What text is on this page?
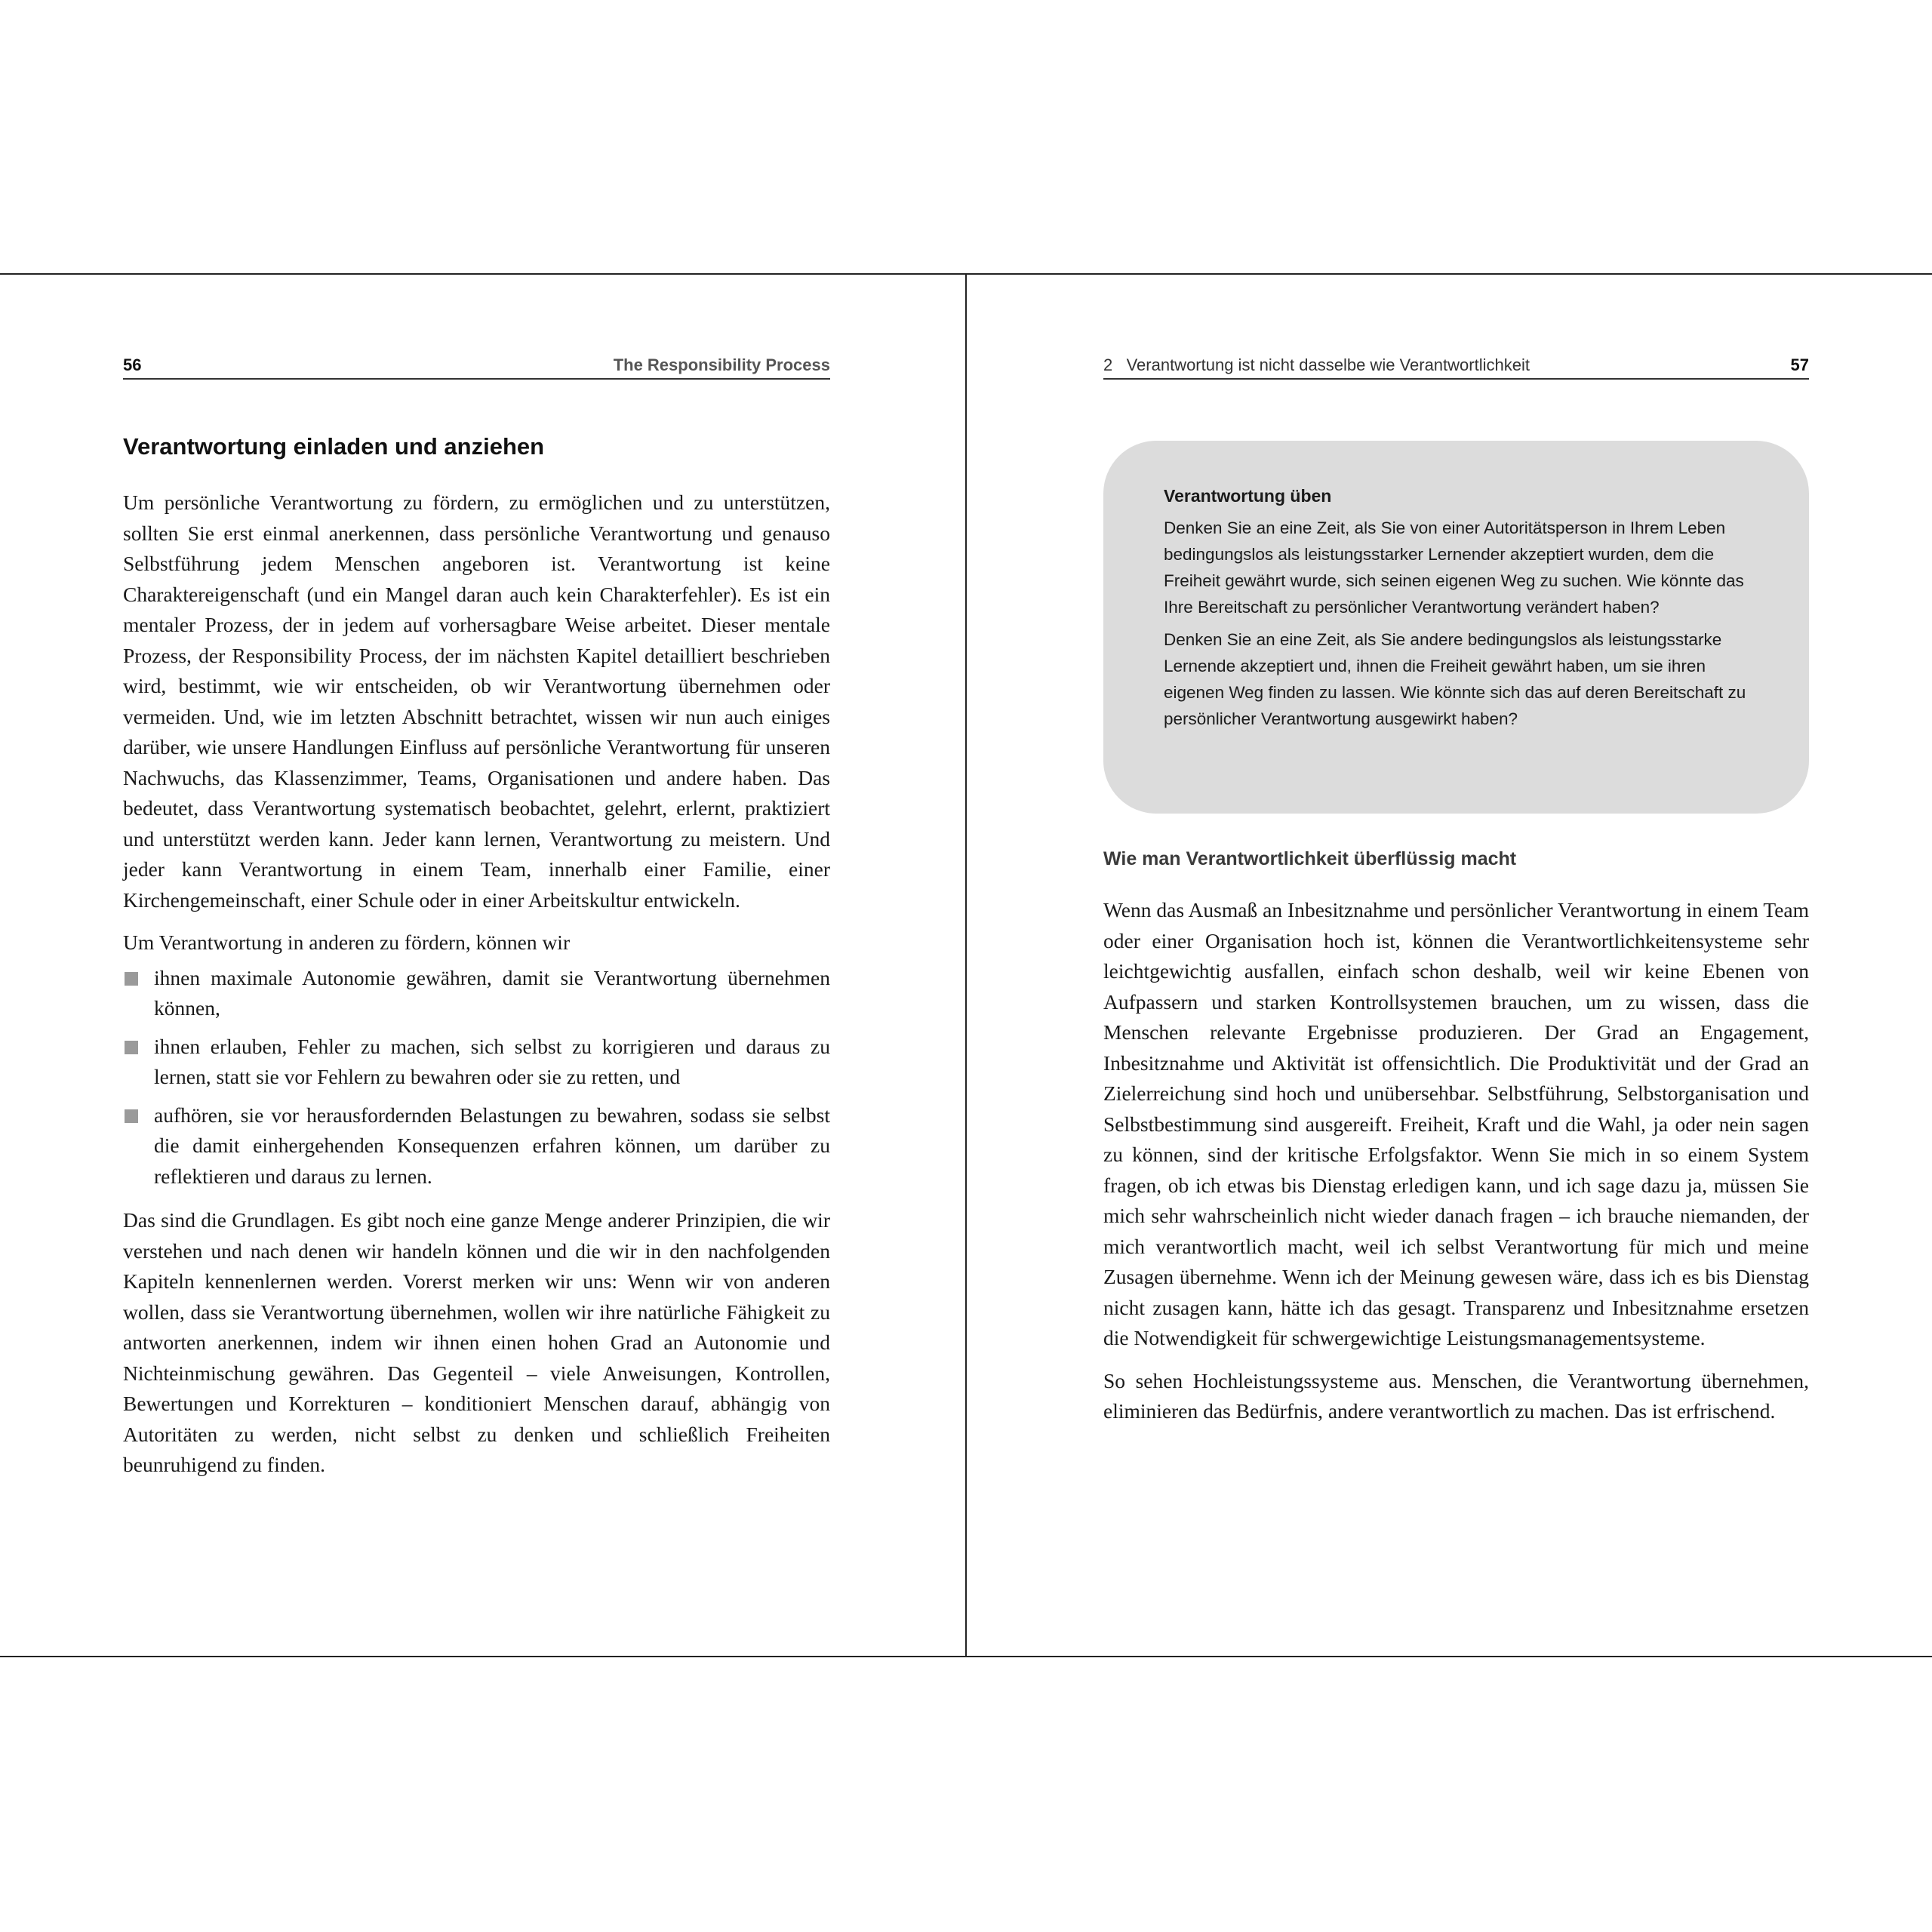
56	The Responsibility Process
Verantwortung einladen und anziehen

Um persönliche Verantwortung zu fördern, zu ermöglichen und zu unterstützen, sollten Sie erst einmal anerkennen, dass persönliche Verantwortung und genauso Selbstführung jedem Menschen angeboren ist. Verantwortung ist keine Charaktereigenschaft (und ein Mangel daran auch kein Charakterfehler). Es ist ein mentaler Prozess, der in jedem auf vorhersagbare Weise arbeitet. Dieser mentale Prozess, der Responsibility Process, der im nächsten Kapitel detailliert beschrieben wird, bestimmt, wie wir entscheiden, ob wir Verantwortung übernehmen oder vermeiden. Und, wie im letzten Abschnitt betrachtet, wissen wir nun auch einiges darüber, wie unsere Handlungen Einfluss auf persönliche Verantwortung für unseren Nachwuchs, das Klassenzimmer, Teams, Organisationen und andere haben. Das bedeutet, dass Verantwortung systematisch beobachtet, gelehrt, erlernt, praktiziert und unterstützt werden kann. Jeder kann lernen, Verantwortung zu meistern. Und jeder kann Verantwortung in einem Team, innerhalb einer Familie, einer Kirchengemeinschaft, einer Schule oder in einer Arbeitskultur entwickeln.

Um Verantwortung in anderen zu fördern, können wir

ihnen maximale Autonomie gewähren, damit sie Verantwortung übernehmen können,
ihnen erlauben, Fehler zu machen, sich selbst zu korrigieren und daraus zu lernen, statt sie vor Fehlern zu bewahren oder sie zu retten, und
aufhören, sie vor herausfordernden Belastungen zu bewahren, sodass sie selbst die damit einhergehenden Konsequenzen erfahren können, um darüber zu reflektieren und daraus zu lernen.

Das sind die Grundlagen. Es gibt noch eine ganze Menge anderer Prinzipien, die wir verstehen und nach denen wir handeln können und die wir in den nachfolgenden Kapiteln kennenlernen werden. Vorerst merken wir uns: Wenn wir von anderen wollen, dass sie Verantwortung übernehmen, wollen wir ihre natürliche Fähigkeit zu antworten anerkennen, indem wir ihnen einen hohen Grad an Autonomie und Nichteinmischung gewähren. Das Gegenteil – viele Anweisungen, Kontrollen, Bewertungen und Korrekturen – konditioniert Menschen darauf, abhängig von Autoritäten zu werden, nicht selbst zu denken und schließlich Freiheiten beunruhigend zu finden.

2   Verantwortung ist nicht dasselbe wie Verantwortlichkeit	57

Verantwortung üben

Denken Sie an eine Zeit, als Sie von einer Autoritätsperson in Ihrem Leben bedingungslos als leistungsstarker Lernender akzeptiert wurden, dem die Freiheit gewährt wurde, sich seinen eigenen Weg zu suchen. Wie könnte das Ihre Bereitschaft zu persönlicher Verantwortung verändert haben?

Denken Sie an eine Zeit, als Sie andere bedingungslos als leistungsstarke Lernende akzeptiert und, ihnen die Freiheit gewährt haben, um sie ihren eigenen Weg finden zu lassen. Wie könnte sich das auf deren Bereitschaft zu persönlicher Verantwortung ausgewirkt haben?

Wie man Verantwortlichkeit überflüssig macht

Wenn das Ausmaß an Inbesitznahme und persönlicher Verantwortung in einem Team oder einer Organisation hoch ist, können die Verantwortlichkeitensysteme sehr leichtgewichtig ausfallen, einfach schon deshalb, weil wir keine Ebenen von Aufpassern und starken Kontrollsystemen brauchen, um zu wissen, dass die Menschen relevante Ergebnisse produzieren. Der Grad an Engagement, Inbesitznahme und Aktivität ist offensichtlich. Die Produktivität und der Grad an Zielerreichung sind hoch und unübersehbar. Selbstführung, Selbstorganisation und Selbstbestimmung sind ausgereift. Freiheit, Kraft und die Wahl, ja oder nein sagen zu können, sind der kritische Erfolgsfaktor. Wenn Sie mich in so einem System fragen, ob ich etwas bis Dienstag erledigen kann, und ich sage dazu ja, müssen Sie mich sehr wahrscheinlich nicht wieder danach fragen – ich brauche niemanden, der mich verantwortlich macht, weil ich selbst Verantwortung für mich und meine Zusagen übernehme. Wenn ich der Meinung gewesen wäre, dass ich es bis Dienstag nicht zusagen kann, hätte ich das gesagt. Transparenz und Inbesitznahme ersetzen die Notwendigkeit für schwergewichtige Leistungsmanagementsysteme.

So sehen Hochleistungssysteme aus. Menschen, die Verantwortung übernehmen, eliminieren das Bedürfnis, andere verantwortlich zu machen. Das ist erfrischend.
